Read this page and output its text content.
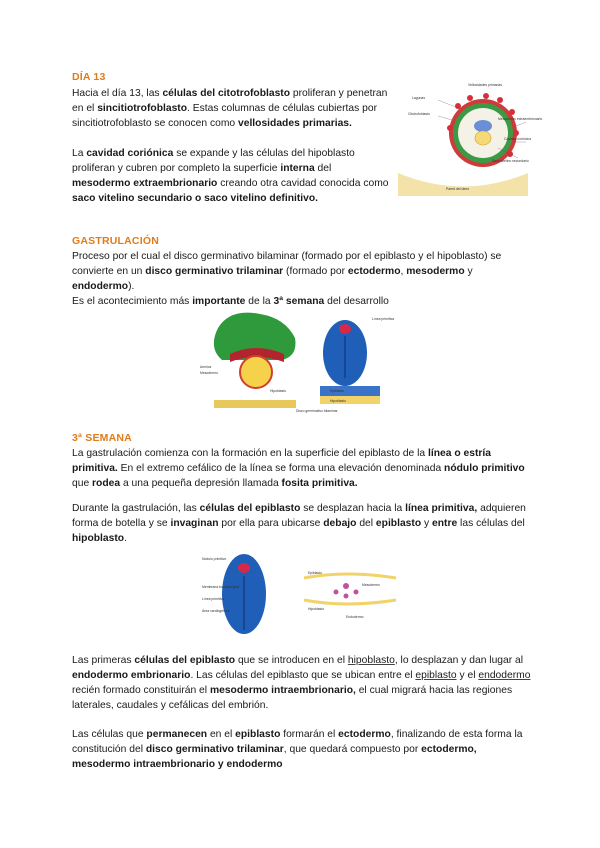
DÍA 13

Hacia el día 13, las células del citotrofoblasto proliferan y penetran en el sincitiotrofoblasto. Estas columnas de células cubiertas por sincitiotrofoblasto se conocen como vellosidades primarias.

La cavidad coriónica se expande y las células del hipoblasto proliferan y cubren por completo la superficie interna del mesodermo extraembrionario creando otra cavidad conocida como saco vitelino secundario o saco vitelino definitivo.

Vellosidades primarias
Lagunas
Citotrofoblasto
Mesodermo extraembrionario
Cavidad coriónica
Saco vitelino secundario
Pared del útero
GASTRULACIÓN

Proceso por el cual el disco germinativo bilaminar (formado por el epiblasto y el hipoblasto) se convierte en un disco germinativo trilaminar (formado por ectodermo, mesodermo y endodermo).

Es el acontecimiento más importante de la 3ª semana del desarrollo

Amnios
Mesodermo
Hipoblasto	Epiblasto
Hipoblasto
Línea primitiva
Disco germinativo bilaminar
3ª SEMANA

La gastrulación comienza con la formación en la superficie del epiblasto de la línea o estría primitiva. En el extremo cefálico de la línea se forma una elevación denominada nódulo primitivo que rodea a una pequeña depresión llamada fosita primitiva.

Durante la gastrulación, las células del epiblasto se desplazan hacia la línea primitiva, adquieren forma de botella y se invaginan por ella para ubicarse debajo del epiblasto y entre las células del hipoblasto.

Nódulo primitivo
Membrana bucofaríngea
Línea primitiva
Área cardiogénica
Epiblasto
Hipoblasto
Mesodermo
Endodermo

Las primeras células del epiblasto que se introducen en el hipoblasto, lo desplazan y dan lugar al endodermo embrionario. Las células del epiblasto que se ubican entre el epiblasto y el endodermo recién formado constituirán el mesodermo intraembrionario, el cual migrará hacia las regiones laterales, caudales y cefálicas del embrión.

Las células que permanecen en el epiblasto formarán el ectodermo, finalizando de esta forma la constitución del disco germinativo trilaminar, que quedará compuesto por ectodermo, mesodermo intraembrionario y endodermo
